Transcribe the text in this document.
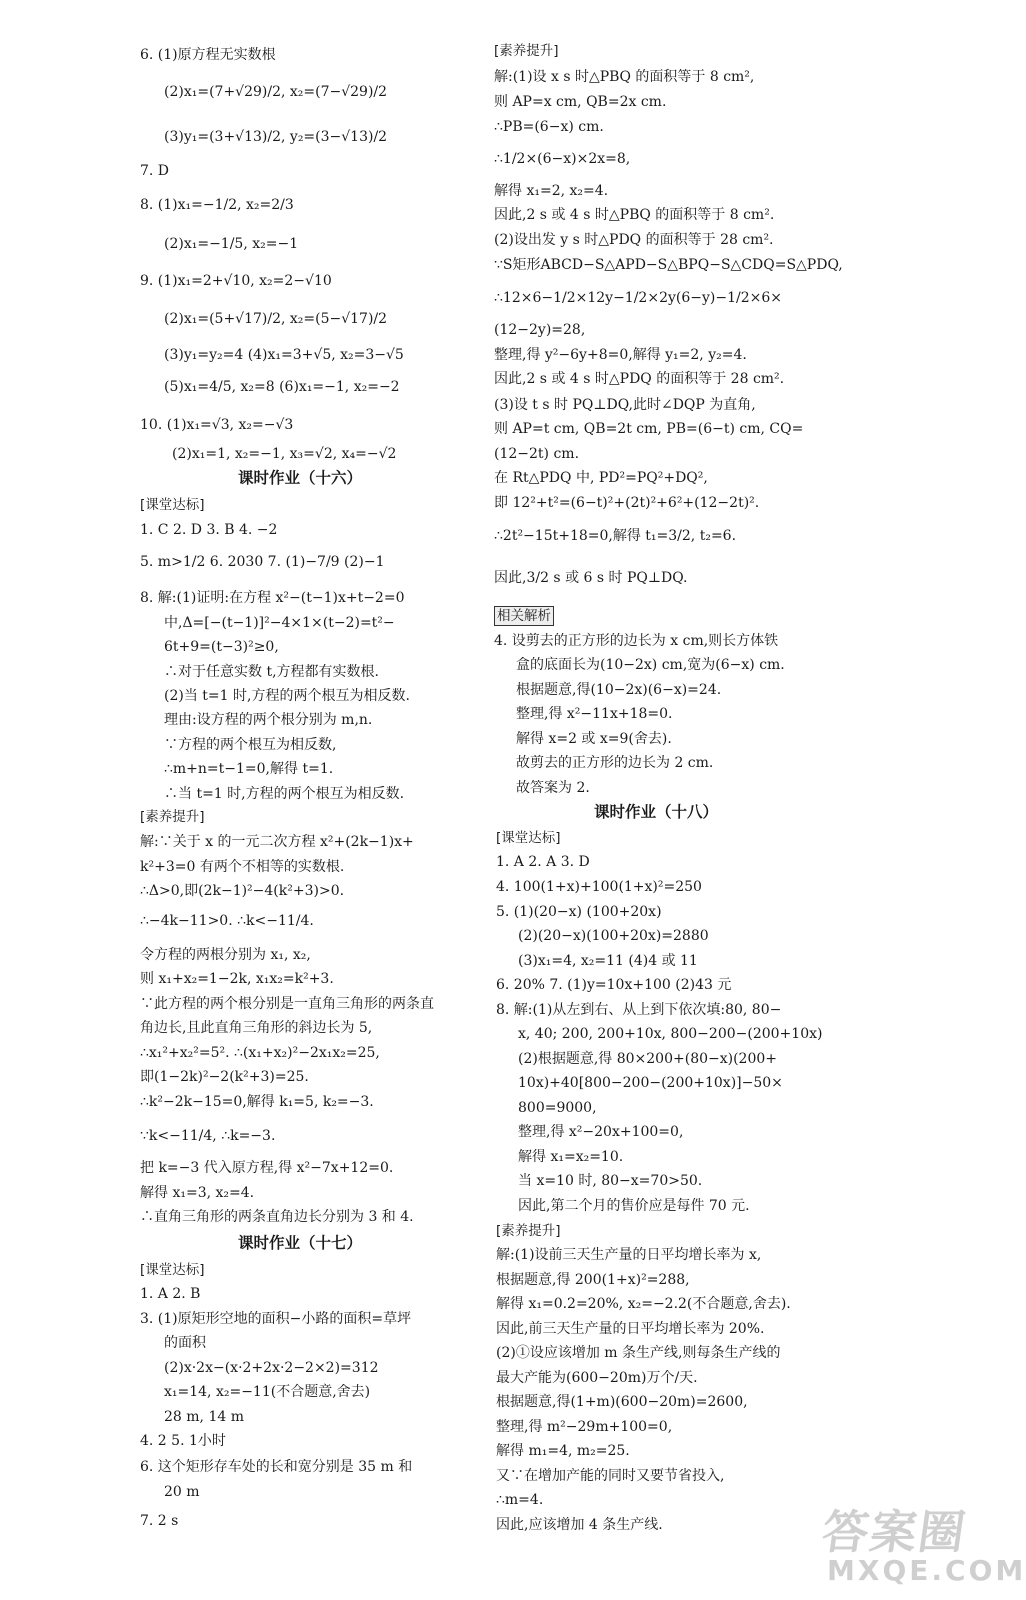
6. (1)原方程无实数根
(2)x₁=(7+√29)/2, x₂=(7−√29)/2
(3)y₁=(3+√13)/2, y₂=(3−√13)/2
7. D
8. (1)x₁=−1/2, x₂=2/3
(2)x₁=−1/5, x₂=−1
9. (1)x₁=2+√10, x₂=2−√10
(2)x₁=(5+√17)/2, x₂=(5−√17)/2
(3)y₁=y₂=4 (4)x₁=3+√5, x₂=3−√5
(5)x₁=4/5, x₂=8 (6)x₁=−1, x₂=−2
10. (1)x₁=√3, x₂=−√3
(2)x₁=1, x₂=−1, x₃=√2, x₄=−√2
课时作业（十六）
[课堂达标]
1. C 2. D 3. B 4. −2
5. m>1/2 6. 2030 7. (1)−7/9 (2)−1
8. 解:(1)证明:在方程 x²−(t−1)x+t−2=0
中,Δ=[−(t−1)]²−4×1×(t−2)=t²−
6t+9=(t−3)²≥0,
∴对于任意实数 t,方程都有实数根.
(2)当 t=1 时,方程的两个根互为相反数.
理由:设方程的两个根分别为 m,n.
∵方程的两个根互为相反数,
∴m+n=t−1=0,解得 t=1.
∴当 t=1 时,方程的两个根互为相反数.
[素养提升]
解:∵关于 x 的一元二次方程 x²+(2k−1)x+
k²+3=0 有两个不相等的实数根.
∴Δ>0,即(2k−1)²−4(k²+3)>0.
∴−4k−11>0. ∴k<−11/4.
令方程的两根分别为 x₁, x₂,
则 x₁+x₂=1−2k, x₁x₂=k²+3.
∵此方程的两个根分别是一直角三角形的两条直
角边长,且此直角三角形的斜边长为 5,
∴x₁²+x₂²=5². ∴(x₁+x₂)²−2x₁x₂=25,
即(1−2k)²−2(k²+3)=25.
∴k²−2k−15=0,解得 k₁=5, k₂=−3.
∵k<−11/4, ∴k=−3.
把 k=−3 代入原方程,得 x²−7x+12=0.
解得 x₁=3, x₂=4.
∴直角三角形的两条直角边长分别为 3 和 4.
课时作业（十七）
[课堂达标]
1. A 2. B
3. (1)原矩形空地的面积−小路的面积=草坪
的面积
(2)x·2x−(x·2+2x·2−2×2)=312
x₁=14, x₂=−11(不合题意,舍去)
28 m, 14 m
4. 2 5. 1小时
6. 这个矩形存车处的长和宽分别是 35 m 和
20 m
7. 2 s
[素养提升]
解:(1)设 x s 时△PBQ 的面积等于 8 cm²,
则 AP=x cm, QB=2x cm.
∴PB=(6−x) cm.
∴1/2×(6−x)×2x=8,
解得 x₁=2, x₂=4.
因此,2 s 或 4 s 时△PBQ 的面积等于 8 cm².
(2)设出发 y s 时△PDQ 的面积等于 28 cm².
∵S矩形ABCD−S△APD−S△BPQ−S△CDQ=S△PDQ,
∴12×6−1/2×12y−1/2×2y(6−y)−1/2×6×
(12−2y)=28,
整理,得 y²−6y+8=0,解得 y₁=2, y₂=4.
因此,2 s 或 4 s 时△PDQ 的面积等于 28 cm².
(3)设 t s 时 PQ⊥DQ,此时∠DQP 为直角,
则 AP=t cm, QB=2t cm, PB=(6−t) cm, CQ=
(12−2t) cm.
在 Rt△PDQ 中, PD²=PQ²+DQ²,
即 12²+t²=(6−t)²+(2t)²+6²+(12−2t)².
∴2t²−15t+18=0,解得 t₁=3/2, t₂=6.
因此,3/2 s 或 6 s 时 PQ⊥DQ.
相关解析
4. 设剪去的正方形的边长为 x cm,则长方体铁
盒的底面长为(10−2x) cm,宽为(6−x) cm.
根据题意,得(10−2x)(6−x)=24.
整理,得 x²−11x+18=0.
解得 x=2 或 x=9(舍去).
故剪去的正方形的边长为 2 cm.
故答案为 2.
课时作业（十八）
[课堂达标]
1. A 2. A 3. D
4. 100(1+x)+100(1+x)²=250
5. (1)(20−x) (100+20x)
(2)(20−x)(100+20x)=2880
(3)x₁=4, x₂=11 (4)4 或 11
6. 20% 7. (1)y=10x+100 (2)43 元
8. 解:(1)从左到右、从上到下依次填:80, 80−
x, 40; 200, 200+10x, 800−200−(200+10x)
(2)根据题意,得 80×200+(80−x)(200+
10x)+40[800−200−(200+10x)]−50×
800=9000,
整理,得 x²−20x+100=0,
解得 x₁=x₂=10.
当 x=10 时, 80−x=70>50.
因此,第二个月的售价应是每件 70 元.
[素养提升]
解:(1)设前三天生产量的日平均增长率为 x,
根据题意,得 200(1+x)²=288,
解得 x₁=0.2=20%, x₂=−2.2(不合题意,舍去).
因此,前三天生产量的日平均增长率为 20%.
(2)①设应该增加 m 条生产线,则每条生产线的
最大产能为(600−20m)万个/天.
根据题意,得(1+m)(600−20m)=2600,
整理,得 m²−29m+100=0,
解得 m₁=4, m₂=25.
又∵在增加产能的同时又要节省投入,
∴m=4.
因此,应该增加 4 条生产线.	答案圈
MXQE.COM
